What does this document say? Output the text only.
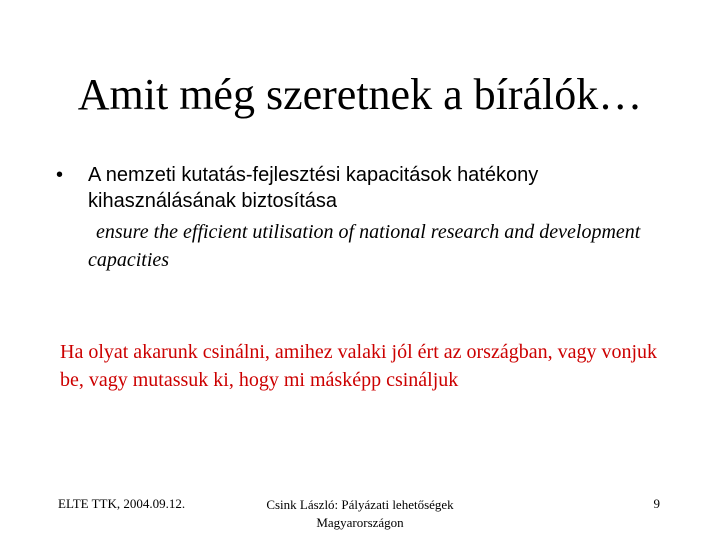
Amit még szeretnek a bírálók…
• A nemzeti kutatás-fejlesztési kapacitások hatékony kihasználásának biztosítása
ensure the efficient utilisation of national research and development capacities
Ha olyat akarunk csinálni, amihez valaki jól ért az országban, vagy vonjuk be, vagy mutassuk ki, hogy mi másképp csináljuk
ELTE TTK, 2004.09.12.	Csink László: Pályázati lehetőségek
Magyarországon
9
